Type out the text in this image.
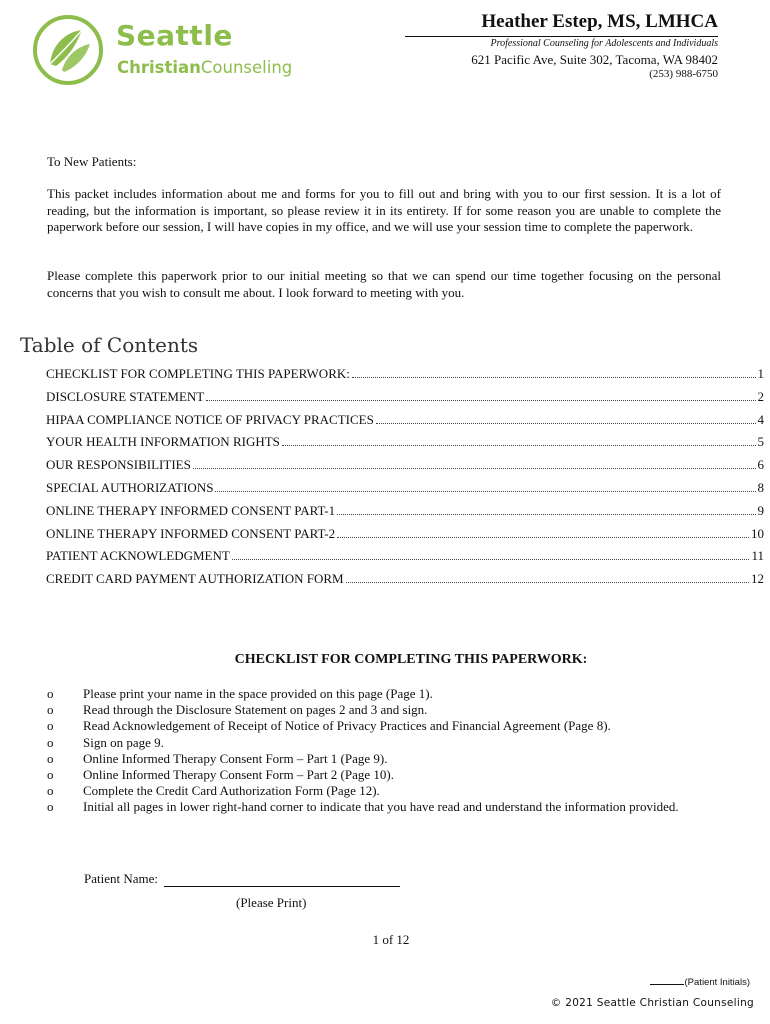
Seattle
ChristianCounseling
Heather Estep, MS, LMHCA
Professional Counseling for Adolescents and Individuals
621 Pacific Ave, Suite 302, Tacoma, WA 98402
(253) 988-6750
To New Patients:
This packet includes information about me and forms for you to fill out and bring with you to our first session. It is a lot of reading, but the information is important, so please review it in its entirety. If for some reason you are unable to complete the paperwork before our session, I will have copies in my office, and we will use your session time to complete the paperwork.
Please complete this paperwork prior to our initial meeting so that we can spend our time together focusing on the personal concerns that you wish to consult me about. I look forward to meeting with you.
Table of Contents
CHECKLIST FOR COMPLETING THIS PAPERWORK:	1
DISCLOSURE STATEMENT	2
HIPAA COMPLIANCE NOTICE OF PRIVACY PRACTICES	4
YOUR HEALTH INFORMATION RIGHTS	5
OUR RESPONSIBILITIES	6
SPECIAL AUTHORIZATIONS	8
ONLINE THERAPY INFORMED CONSENT PART-1	9
ONLINE THERAPY INFORMED CONSENT PART-2	10
PATIENT ACKNOWLEDGMENT	11
CREDIT CARD PAYMENT AUTHORIZATION FORM	12
CHECKLIST FOR COMPLETING THIS PAPERWORK:
o	Please print your name in the space provided on this page (Page 1).
o	Read through the Disclosure Statement on pages 2 and 3 and sign.
o	Read Acknowledgement of Receipt of Notice of Privacy Practices and Financial Agreement (Page 8).
o	Sign on page 9.
o	Online Informed Therapy Consent Form – Part 1 (Page 9).
o	Online Informed Therapy Consent Form – Part 2 (Page 10).
o	Complete the Credit Card Authorization Form (Page 12).
o	Initial all pages in lower right-hand corner to indicate that you have read and understand the information provided.
Patient Name:
(Please Print)
1 of 12
(Patient Initials)
© 2021 Seattle Christian Counseling
